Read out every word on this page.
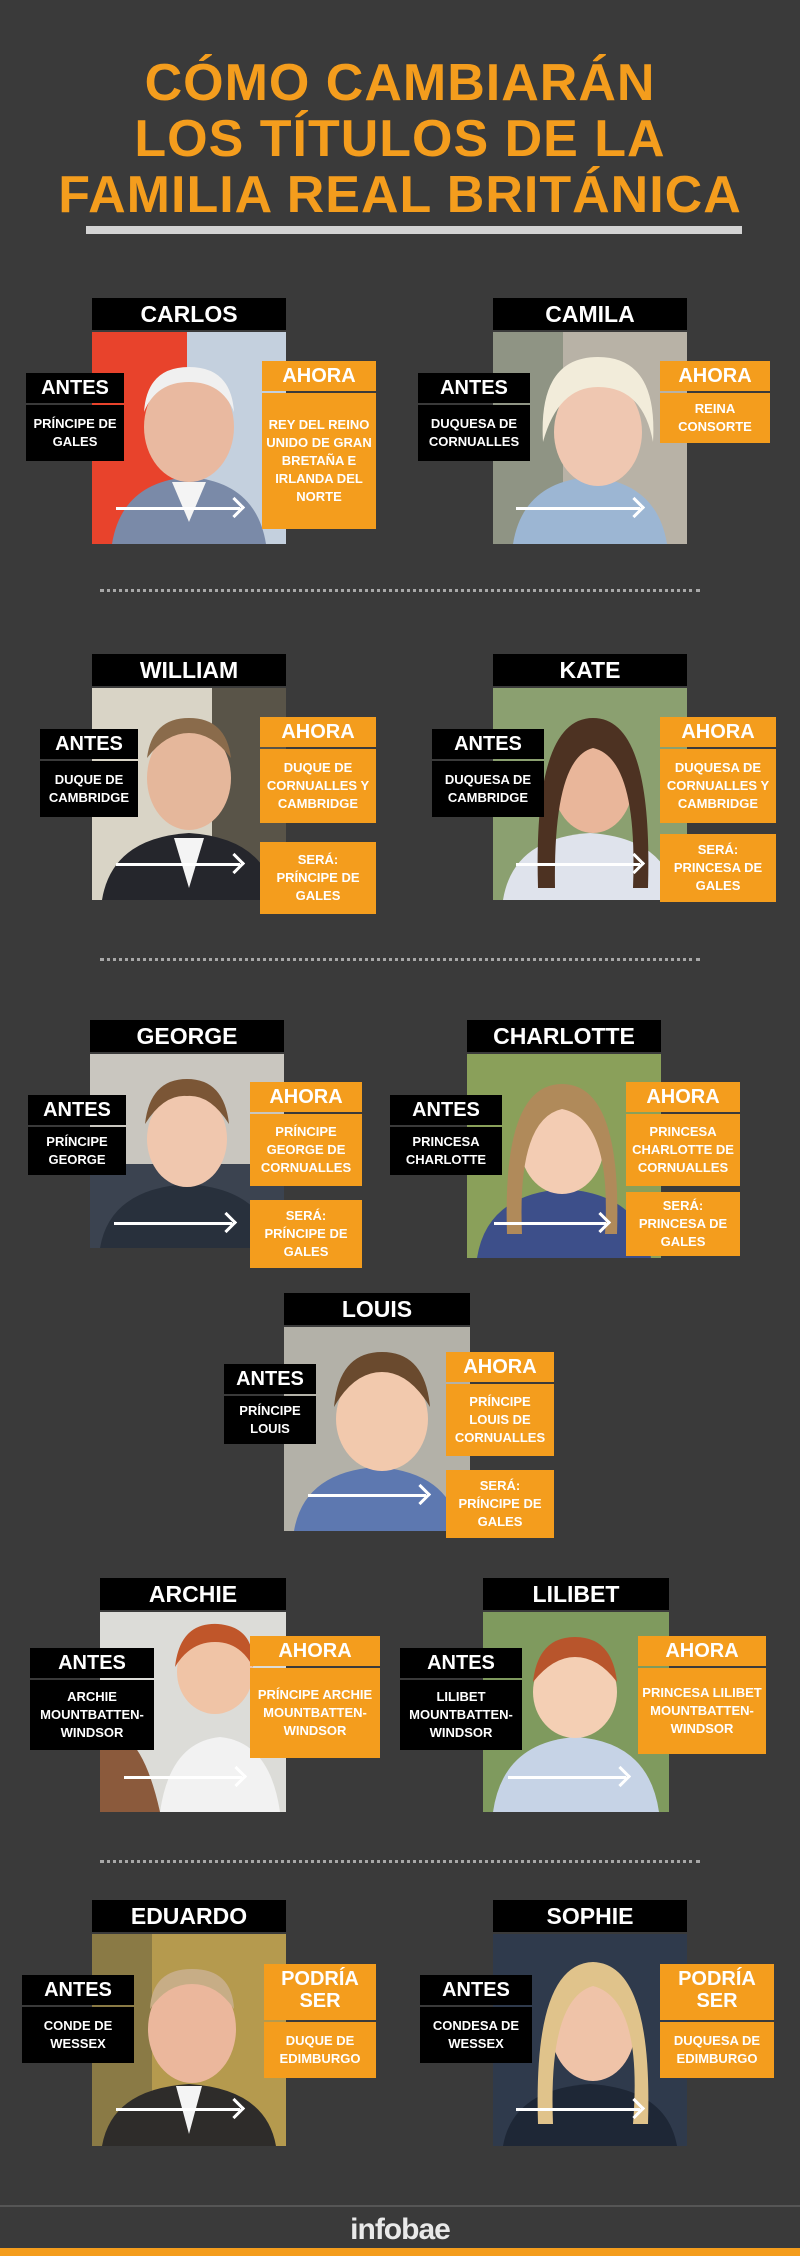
CÓMO CAMBIARÁN
LOS TÍTULOS DE LA
FAMILIA REAL BRITÁNICA
CARLOS
ANTES
PRÍNCIPE DE GALES
AHORA
REY DEL REINO UNIDO DE GRAN BRETAÑA E IRLANDA DEL NORTE
CAMILA
ANTES
DUQUESA DE CORNUALLES
AHORA
REINA CONSORTE
WILLIAM
ANTES
DUQUE DE CAMBRIDGE
AHORA
DUQUE DE CORNUALLES Y CAMBRIDGE
SERÁ:
PRÍNCIPE DE GALES
KATE
ANTES
DUQUESA DE CAMBRIDGE
AHORA
DUQUESA DE CORNUALLES Y CAMBRIDGE
SERÁ:
PRINCESA DE GALES
GEORGE
ANTES
PRÍNCIPE GEORGE
AHORA
PRÍNCIPE GEORGE DE CORNUALLES
SERÁ:
PRÍNCIPE DE GALES
CHARLOTTE
ANTES
PRINCESA CHARLOTTE
AHORA
PRINCESA CHARLOTTE DE CORNUALLES
SERÁ:
PRINCESA DE GALES
LOUIS
ANTES
PRÍNCIPE LOUIS
AHORA
PRÍNCIPE LOUIS DE CORNUALLES
SERÁ:
PRÍNCIPE DE GALES
ARCHIE
ANTES
ARCHIE MOUNTBATTEN-WINDSOR
AHORA
PRÍNCIPE ARCHIE MOUNTBATTEN-WINDSOR
LILIBET
ANTES
LILIBET MOUNTBATTEN-WINDSOR
AHORA
PRINCESA LILIBET MOUNTBATTEN-WINDSOR
EDUARDO
ANTES
CONDE DE WESSEX
PODRÍA SER
DUQUE DE EDIMBURGO
SOPHIE
ANTES
CONDESA DE WESSEX
PODRÍA SER
DUQUESA DE EDIMBURGO
infobae
